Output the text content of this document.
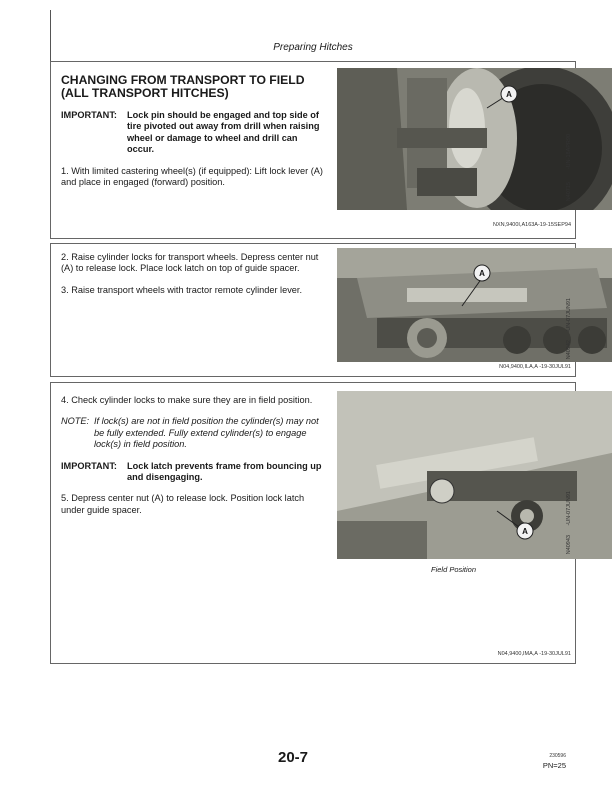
Preparing Hitches
CHANGING FROM TRANSPORT TO FIELD (ALL TRANSPORT HITCHES)
IMPORTANT:	Lock pin should be engaged and top side of tire pivoted out away from drill when raising wheel or damage to wheel and drill can occur.

1. With limited castering wheel(s) (if equipped): Lift lock lever (A) and place in engaged (forward) position.

A
-UN-18APR90
N40715
NXN,9400I,A163A-19-15SEP94

2. Raise cylinder locks for transport wheels. Depress center nut (A) to release lock. Place lock latch on top of guide spacer.

3. Raise transport wheels with tractor remote cylinder lever.

A
-UN-07JUN91
N40942
N04,9400,ILA,A -19-30JUL91

4. Check cylinder locks to make sure they are in field position.

NOTE: If lock(s) are not in field position the cylinder(s) may not be fully extended. Fully extend cylinder(s) to engage lock(s) in field position.
IMPORTANT:	Lock latch prevents frame from bouncing up and disengaging.

5. Depress center nut (A) to release lock. Position lock latch under guide spacer.

A
-UN-07JUN91
N40943
Field Position
N04,9400,IMA,A -19-30JUL91
20-7	230596
PN=25
